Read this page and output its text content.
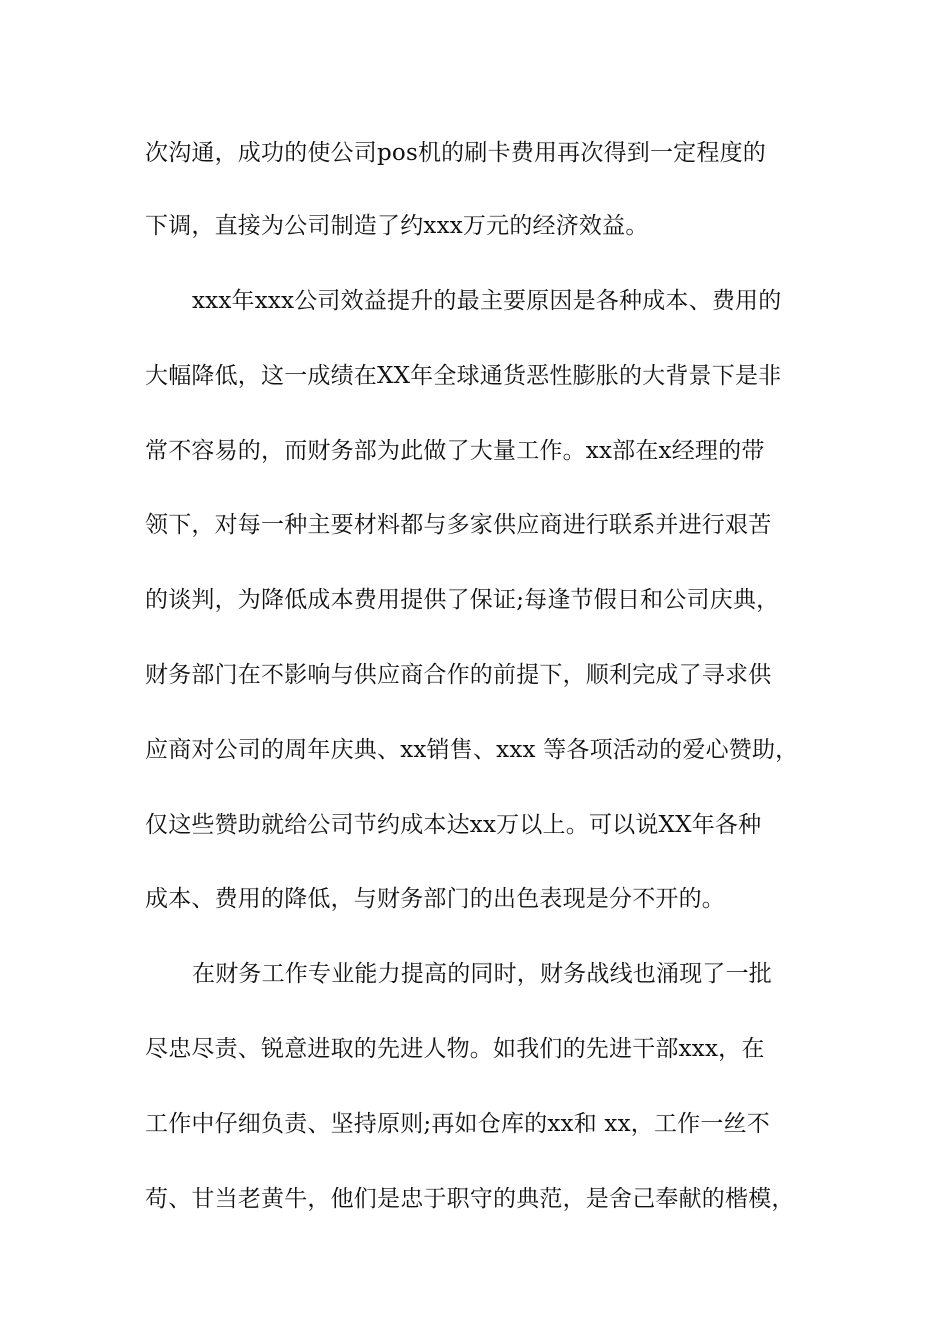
次沟通，成功的使公司pos机的刷卡费用再次得到一定程度的

下调，直接为公司制造了约xxx万元的经济效益。

xxx年xxx公司效益提升的最主要原因是各种成本、费用的

大幅降低，这一成绩在XX年全球通货恶性膨胀的大背景下是非

常不容易的，而财务部为此做了大量工作。xx部在x经理的带

领下，对每一种主要材料都与多家供应商进行联系并进行艰苦

的谈判，为降低成本费用提供了保证;每逢节假日和公司庆典，

财务部门在不影响与供应商合作的前提下，顺利完成了寻求供

应商对公司的周年庆典、xx销售、xxx 等各项活动的爱心赞助，

仅这些赞助就给公司节约成本达xx万以上。可以说XX年各种

成本、费用的降低，与财务部门的出色表现是分不开的。

在财务工作专业能力提高的同时，财务战线也涌现了一批

尽忠尽责、锐意进取的先进人物。如我们的先进干部xxx，在

工作中仔细负责、坚持原则;再如仓库的xx和 xx，工作一丝不

苟、甘当老黄牛，他们是忠于职守的典范，是舍己奉献的楷模，
